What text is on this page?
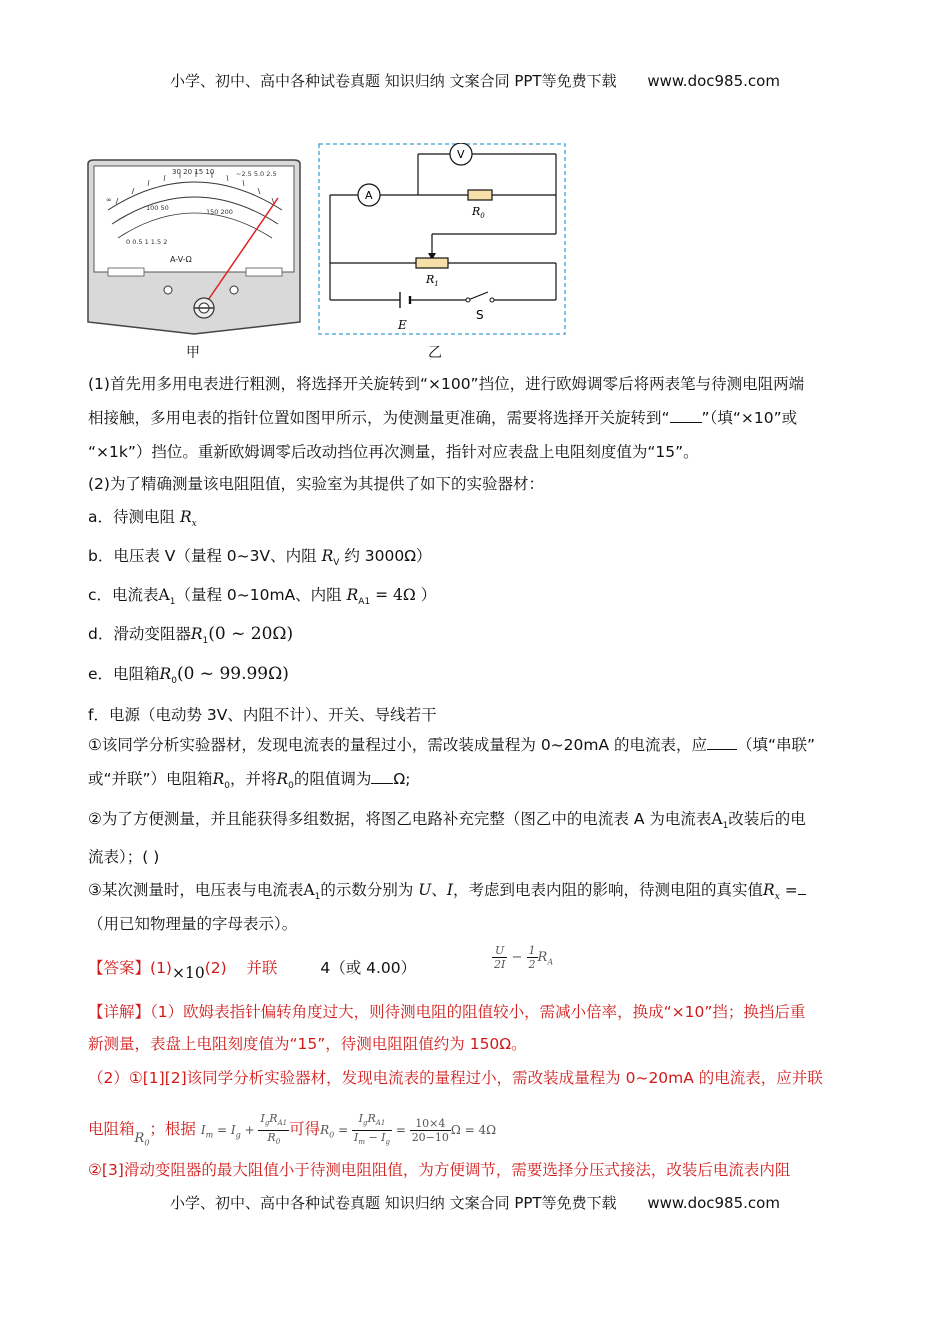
小学、初中、高中各种试卷真题 知识归纳 文案合同 PPT等免费下载 www.doc985.com
∞
30 20 15 10	~2.5 5.0 2.5
100 50	150 200
0 0.5 1 1.5 2
A-V-Ω
甲
V
A
$R_0$
$R_1$
E
S
乙
(1)首先用多用电表进行粗测，将选择开关旋转到“×100”挡位，进行欧姆调零后将两表笔与待测电阻两端
相接触，多用电表的指针位置如图甲所示，为使测量更准确，需要将选择开关旋转到“ ”（填“×10”或
“×1k”）挡位。重新欧姆调零后改动挡位再次测量，指针对应表盘上电阻刻度值为“15”。
(2)为了精确测量该电阻阻值，实验室为其提供了如下的实验器材：
a．待测电阻 $R_x$
b．电压表 V（量程 0~3V、内阻 $R_V$ 约 3000Ω）
c．电流表$A_1$（量程 0~10mA、内阻 $R_{A1} = 4\Omega$ ）
d．滑动变阻器$R_1(0$ ~ 20Ω)
e．电阻箱$R_0(0$ ~ 99.99Ω)
f．电源（电动势 3V、内阻不计）、开关、导线若干
①该同学分析实验器材，发现电流表的量程过小，需改装成量程为 0~20mA 的电流表，应 （填“串联”
或“并联”）电阻箱$R_0$，并将$R_0$的阻值调为 Ω;
②为了方便测量，并且能获得多组数据，将图乙电路补充完整（图乙中的电流表 A 为电流表$A_1$改装后的电
流表）；( )
③某次测量时，电压表与电流表$A_1$的示数分别为 U、I，考虑到电表内阻的影响，待测电阻的真实值$R_x$ =
（用已知物理量的字母表示）。
【答案】(1)×10(2) 并联	4（或 4.00）	$\frac{U}{2I} - \frac{1}{2} R_A$
【详解】（1）欧姆表指针偏转角度过大，则待测电阻的阻值较小，需减小倍率，换成“×10”挡；换挡后重
新测量，表盘上电阻刻度值为“15”，待测电阻阻值约为 150Ω。
（2）①[1][2]该同学分析实验器材，发现电流表的量程过小，需改装成量程为 0~20mA 的电流表，应并联
电阻箱$_{R_0}$；根据 $I_m = I_g + \frac{I_gR_{A1}}{R_0}$ 可得$R_0 = \frac{I_gR_{A1}}{I_m - I_g} = \frac{10\times 4}{20-10}$ Ω = 4Ω
②[3]滑动变阻器的最大阻值小于待测电阻阻值，为方便调节，需要选择分压式接法，改装后电流表内阻
小学、初中、高中各种试卷真题 知识归纳 文案合同 PPT等免费下载 www.doc985.com
